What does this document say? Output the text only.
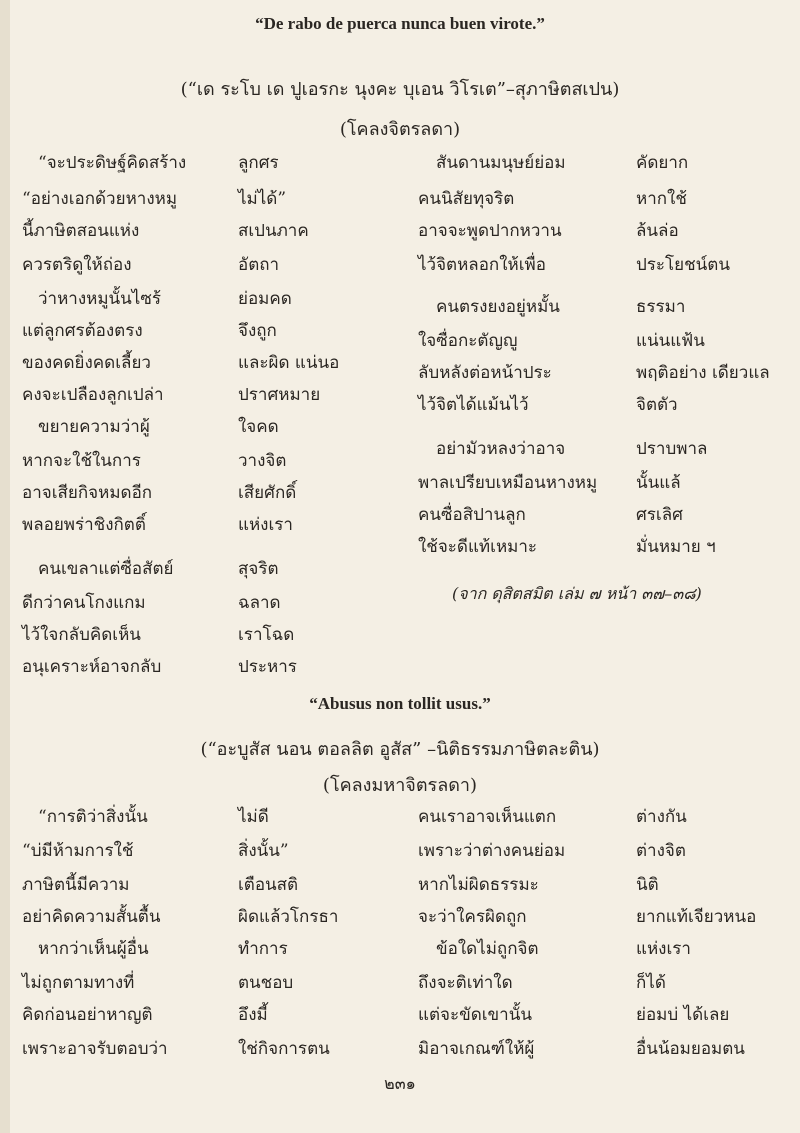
“De rabo de puerca nunca buen virote.”
(“เด ระโบ เด ปูเอรกะ นุงคะ บุเอน วิโรเต”–สุภาษิตสเปน)
(โคลงจิตรลดา)
“จะประดิษฐ์คิดสร้าง
“อย่างเอกด้วยหางหมู
นี้ภาษิตสอนแห่ง
ควรตริดูให้ถ่อง
ว่าหางหมูนั้นไซร้
แต่ลูกศรต้องตรง
ของคดยิ่งคดเลี้ยว
คงจะเปลืองลูกเปล่า
ขยายความว่าผู้
หากจะใช้ในการ
อาจเสียกิจหมดอีก
พลอยพร่าชิงกิตติ์
คนเขลาแต่ซื่อสัตย์
ดีกว่าคนโกงแกม
ไว้ใจกลับคิดเห็น
อนุเคราะห์อาจกลับ
ลูกศร
ไม่ได้”
สเปนภาค
อัตถา
ย่อมคด
จึงถูก
และผิด แน่นอ
ปราศหมาย
ใจคด
วางจิต
เสียศักดิ์
แห่งเรา
สุจริต
ฉลาด
เราโฉด
ประหาร
สันดานมนุษย์ย่อม
คนนิสัยทุจริต
อาจจะพูดปากหวาน
ไว้จิตหลอกให้เพื่อ
คนตรงยงอยู่หมั้น
ใจซื่อกะตัญญู
ลับหลังต่อหน้าประ
ไว้จิตได้แม้นไว้
อย่ามัวหลงว่าอาจ
พาลเปรียบเหมือนหางหมู
คนซื่อสิปานลูก
ใช้จะดีแท้เหมาะ
คัดยาก
หากใช้
ล้นล่อ
ประโยชน์ตน
ธรรมา
แน่นแฟ้น
พฤติอย่าง เดียวแล
จิตตัว
ปราบพาล
นั้นแล้
ศรเลิศ
มั่นหมาย ฯ
(จาก ดุสิตสมิต เล่ม ๗ หน้า ๓๗–๓๘)
“Abusus non tollit usus.”
(“อะบูสัส นอน ตอลลิต อูสัส” –นิติธรรมภาษิตละติน)
(โคลงมหาจิตรลดา)
“การติว่าสิ่งนั้น
“บ่มีห้ามการใช้
ภาษิตนี้มีความ
อย่าคิดความสั้นตื้น
หากว่าเห็นผู้อื่น
ไม่ถูกตามทางที่
คิดก่อนอย่าหาญติ
เพราะอาจรับตอบว่า
ไม่ดี
สิ่งนั้น”
เตือนสติ
ผิดแล้วโกรธา
ทำการ
ตนชอบ
อึงมี้
ใช่กิจการตน
คนเราอาจเห็นแตก
เพราะว่าต่างคนย่อม
หากไม่ผิดธรรมะ
จะว่าใครผิดถูก
ข้อใดไม่ถูกจิต
ถึงจะติเท่าใด
แต่จะขัดเขานั้น
มิอาจเกณฑ์ให้ผู้
ต่างกัน
ต่างจิต
นิติ
ยากแท้เจียวหนอ
แห่งเรา
ก็ได้
ย่อมบ่ ได้เลย
อื่นน้อมยอมตน
๒๓๑
